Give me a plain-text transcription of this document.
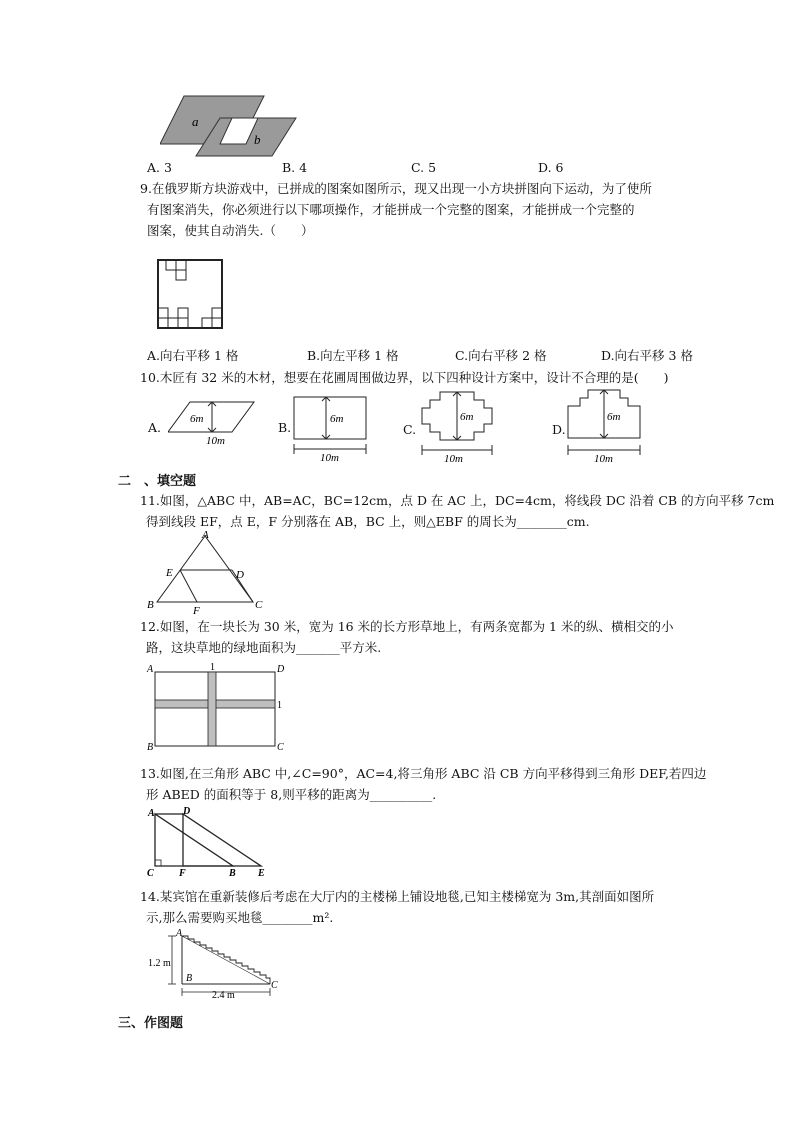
a
b
A. 3	B. 4	C. 5	D. 6
9.在俄罗斯方块游戏中，已拼成的图案如图所示，现又出现一小方块拼图向下运动，为了使所
有图案消失，你必须进行以下哪项操作，才能拼成一个完整的图案，才能拼成一个完整的
图案，使其自动消失.（　　）
A.向右平移 1 格	B.向左平移 1 格	C.向右平移 2 格	D.向右平移 3 格
10.木匠有 32 米的木材，想要在花圃周围做边界，以下四种设计方案中，设计不合理的是(　　)
A.
6m
10m
B.
6m
10m
C.
6m
10m
D.
6m
10m
二　、填空题
11.如图，△ABC 中，AB=AC，BC=12cm，点 D 在 AC 上，DC=4cm，将线段 DC 沿着 CB 的方向平移 7cm
得到线段 EF，点 E，F 分别落在 AB，BC 上，则△EBF 的周长为________cm.
A
E	D
B	F	C
12.如图，在一块长为 30 米，宽为 16 米的长方形草地上，有两条宽都为 1 米的纵、横相交的小
路，这块草地的绿地面积为_______平方米.
A	1	D
1
B	C
13.如图,在三角形 ABC 中,∠C=90°，AC=4,将三角形 ABC 沿 CB 方向平移得到三角形 DEF,若四边
形 ABED 的面积等于 8,则平移的距离为__________.
A	D
C	F	B E
14.某宾馆在重新装修后考虑在大厅内的主楼梯上铺设地毯,已知主楼梯宽为 3m,其剖面如图所
示,那么需要购买地毯________m².
A
B
C
1.2 m
2.4 m
三、作图题
